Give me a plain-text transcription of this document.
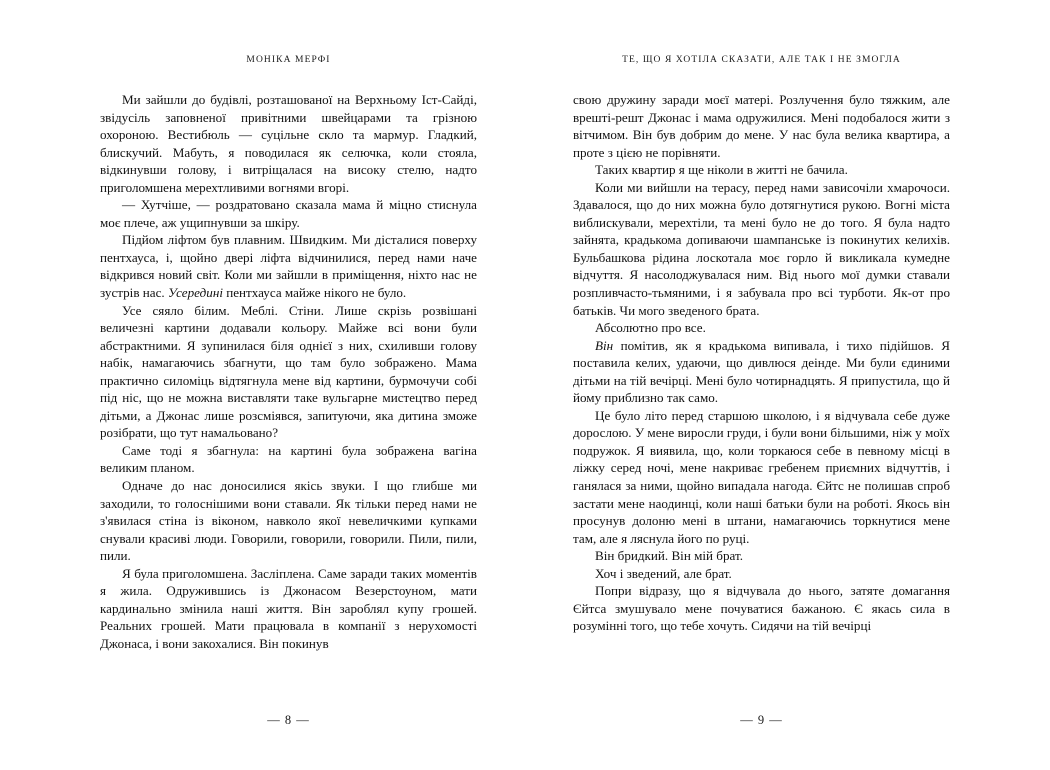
МОНІКА МЕРФІ

Ми зайшли до будівлі, розташованої на Верхньому Іст-Сайді, звідусіль заповненої привітними швейцарами та грізною охороною. Вестибюль — суцільне скло та мармур. Гладкий, блискучий. Мабуть, я поводилася як селючка, коли стояла, відкинувши голову, і витріщалася на високу стелю, надто приголомшена мерехтливими вогнями вгорі.

— Хутчіше, — роздратовано сказала мама й міцно стиснула моє плече, аж ущипнувши за шкіру.

Підйом ліфтом був плавним. Швидким. Ми дісталися поверху пентхауса, і, щойно двері ліфта відчинилися, перед нами наче відкрився новий світ. Коли ми зайшли в приміщення, ніхто нас не зустрів нас. Усередині пентхауса майже нікого не було.

Усе сяяло білим. Меблі. Стіни. Лише скрізь розвішані величезні картини додавали кольору. Майже всі вони були абстрактними. Я зупинилася біля однієї з них, схиливши голову набік, намагаючись збагнути, що там було зображено. Мама практично силоміць відтягнула мене від картини, бурмочучи собі під ніс, що не можна виставляти таке вульгарне мистецтво перед дітьми, а Джонас лише розсміявся, запитуючи, яка дитина зможе розібрати, що тут намальовано?

Саме тоді я збагнула: на картині була зображена вагіна великим планом.

Одначе до нас доносилися якісь звуки. І що глибше ми заходили, то голоснішими вони ставали. Як тільки перед нами не з'явилася стіна із віконом, навколо якої невеличкими купками снували красиві люди. Говорили, говорили, говорили. Пили, пили, пили.

Я була приголомшена. Засліплена. Саме заради таких моментів я жила. Одружившись із Джонасом Везерстоуном, мати кардинально змінила наші життя. Він зароблял купу грошей. Реальних грошей. Мати працювала в компанії з нерухомості Джонаса, і вони закохалися. Він покинув

— 8 —
ТЕ, ЩО Я ХОТІЛА СКАЗАТИ, АЛЕ ТАК І НЕ ЗМОГЛА

свою дружину заради моєї матері. Розлучення було тяжким, але врешті-решт Джонас і мама одружилися. Мені подобалося жити з вітчимом. Він був добрим до мене. У нас була велика квартира, а проте з цією не порівняти.

Таких квартир я ще ніколи в житті не бачила.

Коли ми вийшли на терасу, перед нами зависочіли хмарочоси. Здавалося, що до них можна було дотягнутися рукою. Вогні міста виблискували, мерехтіли, та мені було не до того. Я була надто зайнята, крадькома допиваючи шампанське із покинутих келихів. Бульбашкова рідина лоскотала моє горло й викликала кумедне відчуття. Я насолоджувалася ним. Від нього мої думки ставали розпливчасто-тьмяними, і я забувала про всі турботи. Як-от про батьків. Чи мого зведеного брата.

Абсолютно про все.

Він помітив, як я крадькома випивала, і тихо підійшов. Я поставила келих, удаючи, що дивлюся деінде. Ми були єдиними дітьми на тій вечірці. Мені було чотирнадцять. Я припустила, що й йому приблизно так само.

Це було літо перед старшою школою, і я відчувала себе дуже дорослою. У мене виросли груди, і були вони більшими, ніж у моїх подружок. Я виявила, що, коли торкаюся себе в певному місці в ліжку серед ночі, мене накриває гребенем приємних відчуттів, і ганялася за ними, щойно випадала нагода. Єйтс не полишав спроб застати мене наодинці, коли наші батьки були на роботі. Якось він просунув долоню мені в штани, намагаючись торкнутися мене там, але я ляснула його по руці.

Він бридкий. Він мій брат.

Хоч і зведений, але брат.

Попри відразу, що я відчувала до нього, затяте домагання Єйтса змушувало мене почуватися бажаною. Є якась сила в розумінні того, що тебе хочуть. Сидячи на тій вечірці

— 9 —
